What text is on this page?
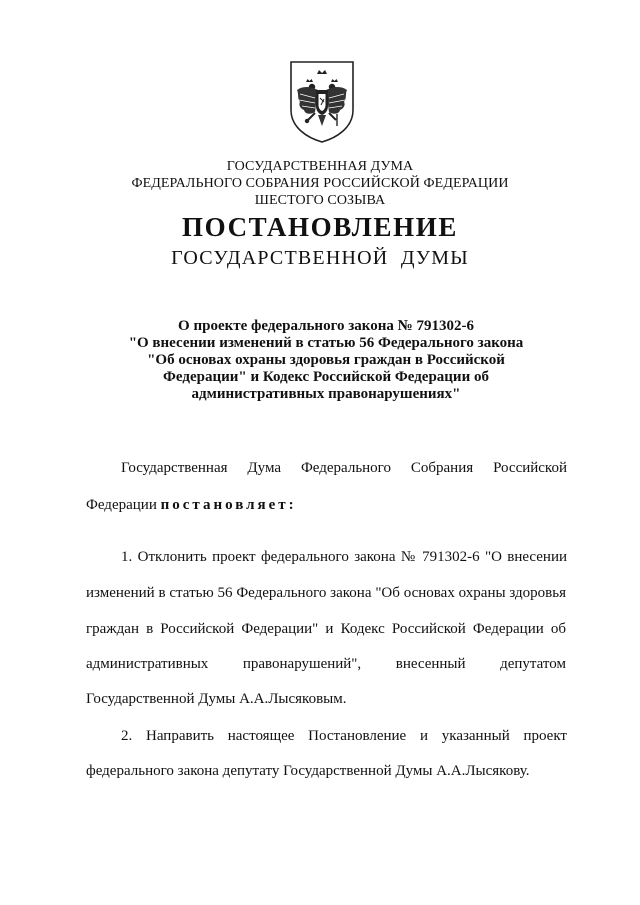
ГОСУДАРСТВЕННАЯ ДУМА
ФЕДЕРАЛЬНОГО СОБРАНИЯ РОССИЙСКОЙ ФЕДЕРАЦИИ
ШЕСТОГО СОЗЫВА
ПОСТАНОВЛЕНИЕ
ГОСУДАРСТВЕННОЙ  ДУМЫ
О проекте федерального закона № 791302-6
"О внесении изменений в статью 56 Федерального закона
"Об основах охраны здоровья граждан в Российской
Федерации" и Кодекс Российской Федерации об
административных правонарушениях"
Государственная Дума Федерального Собрания Российской
Федерации постановляет:
1. Отклонить проект федерального закона № 791302-6 "О внесении
изменений в статью 56 Федерального закона "Об основах охраны здоровья
граждан в Российской Федерации" и Кодекс Российской Федерации об
административных правонарушений", внесенный депутатом
Государственной Думы А.А.Лысяковым.
2. Направить настоящее Постановление и указанный проект
федерального закона депутату Государственной Думы А.А.Лысякову.
